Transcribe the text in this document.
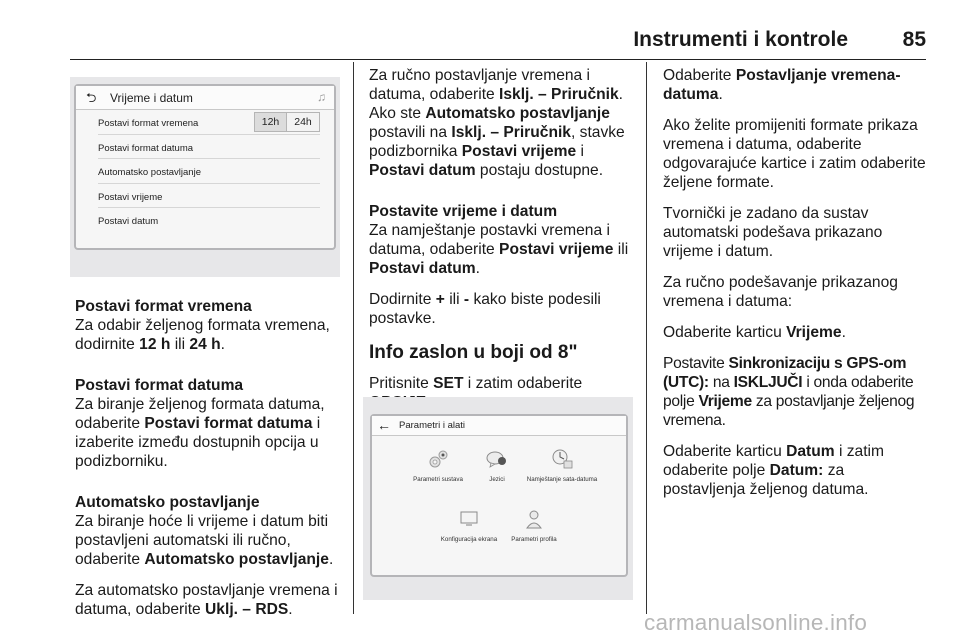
Instrumenti i kontrole	85
⮌ Vrijeme i datum	♫
Postavi format vremena	12h	24h
Postavi format datuma
Automatsko postavljanje
Postavi vrijeme
Postavi datum
Postavi format vremena

Za odabir željenog formata vremena, dodirnite 12 h ili 24 h.

Postavi format datuma

Za biranje željenog formata datuma, odaberite Postavi format datuma i izaberite između dostupnih opcija u podizborniku.

Automatsko postavljanje

Za biranje hoće li vrijeme i datum biti postavljeni automatski ili ručno, odaberite Automatsko postavljanje.

Za automatsko postavljanje vremena i datuma, odaberite Uklj. – RDS.

Za ručno postavljanje vremena i datuma, odaberite Isklj. – Priručnik. Ako ste Automatsko postavljanje postavili na Isklj. – Priručnik, stavke podizbornika Postavi vrijeme i Postavi datum postaju dostupne.

Postavite vrijeme i datum

Za namještanje postavki vremena i datuma, odaberite Postavi vrijeme ili Postavi datum.

Dodirnite + ili - kako biste podesili postavke.

Info zaslon u boji od 8"

Pritisnite SET i zatim odaberite

← Parametri i alati
Parametri sustava	Jezici	Namještanje sata-datuma
Konfiguracija ekrana	Parametri profila

Odaberite Postavljanje vremena-datuma.

Ako želite promijeniti formate prikaza vremena i datuma, odaberite odgovarajuće kartice i zatim odaberite željene formate.

Tvornički je zadano da sustav automatski podešava prikazano vrijeme i datum.

Za ručno podešavanje prikazanog vremena i datuma:

Odaberite karticu Vrijeme.

Postavite Sinkronizaciju s GPS-om (UTC): na ISKLJUČI i onda odaberite polje Vrijeme za postavljanje željenog vremena.

Odaberite karticu Datum i zatim odaberite polje Datum: za postavljenja željenog datuma.

carmanualsonline.info
